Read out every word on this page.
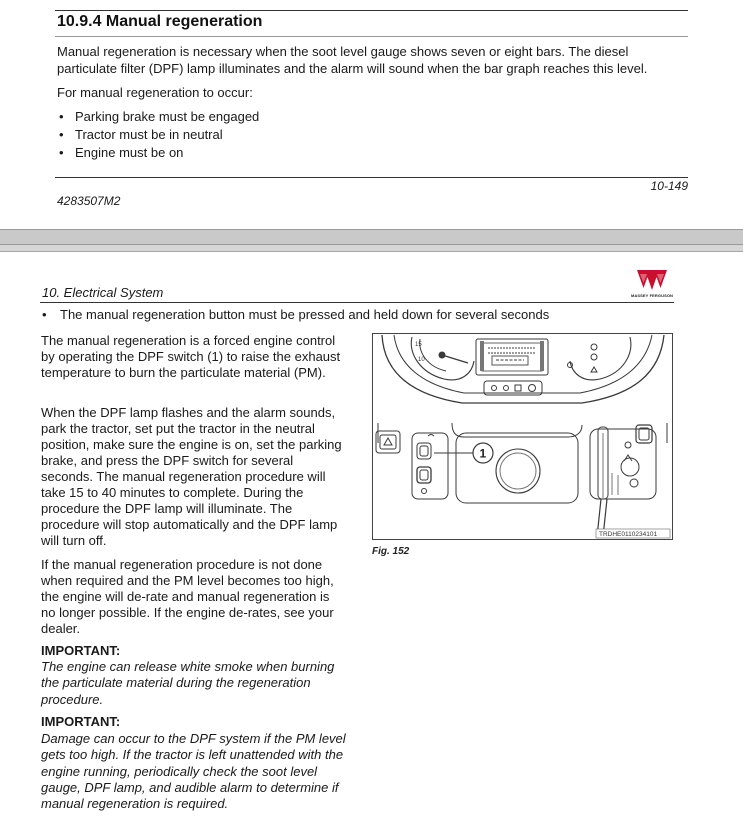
10.9.4 Manual regeneration
Manual regeneration is necessary when the soot level gauge shows seven or eight bars. The diesel particulate filter (DPF) lamp illuminates and the alarm will sound when the bar graph reaches this level.
For manual regeneration to occur:
• Parking brake must be engaged
• Tractor must be in neutral
• Engine must be on
10-149
4283507M2
MASSEY FERGUSON
10. Electrical System
• The manual regeneration button must be pressed and held down for several seconds
The manual regeneration is a forced engine control by operating the DPF switch (1) to raise the exhaust temperature to burn the particulate material (PM).
When the DPF lamp flashes and the alarm sounds, park the tractor, set put the tractor in the neutral position, make sure the engine is on, set the parking brake, and press the DPF switch for several seconds. The manual regeneration procedure will take 15 to 40 minutes to complete. During the procedure the DPF lamp will illuminate. The procedure will stop automatically and the DPF lamp will turn off.
If the manual regeneration procedure is not done when required and the PM level becomes too high, the engine will de-rate and manual regeneration is no longer possible. If the engine de-rates, see your dealer.
IMPORTANT:
The engine can release white smoke when burning the particulate material during the regeneration procedure.
IMPORTANT:
Damage can occur to the DPF system if the PM level gets too high. If the tractor is left unattended with the engine running, periodically check the soot level gauge, DPF lamp, and audible alarm to determine if manual regeneration is required.
15
10
1
TRDHE0110234101
Fig. 152
